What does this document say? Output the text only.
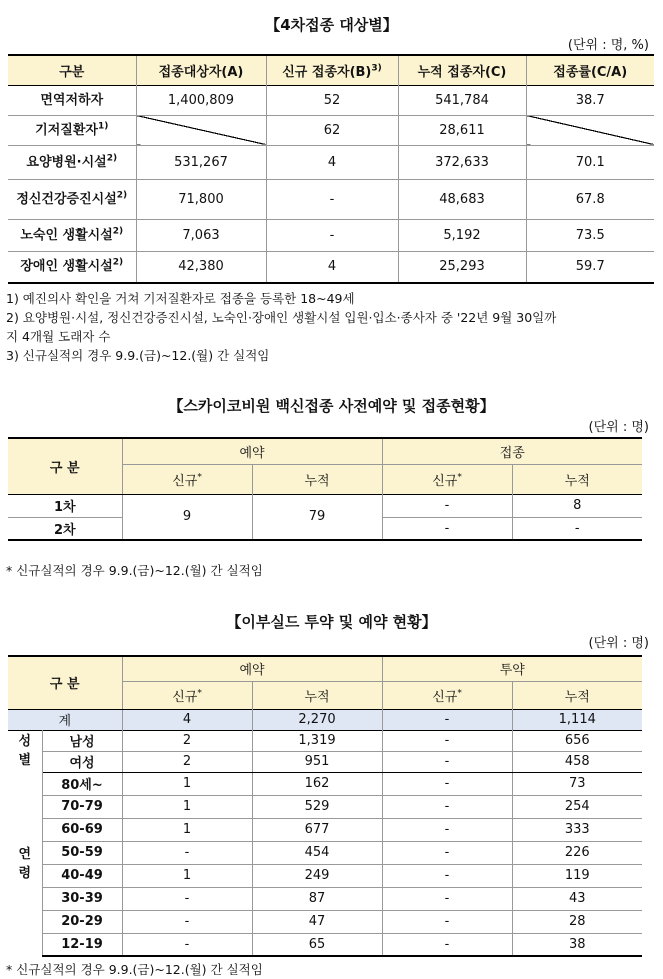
【4차접종 대상별】
(단위 : 명, %)
구분	접종대상자(A)	신규 접종자$(B)^{3)}$	누적 접종자(C)	접종률(C/A)
면역저하자	1,400,809	52	541,784	38.7
기저질환자$^{1)}$		62	28,611	
요양병원·시설$^{2)}$	531,267	4	372,633	70.1
정신건강증진시설$^{2)}$	71,800	-	48,683	67.8
노숙인 생활시설$^{2)}$	7,063	-	5,192	73.5
장애인 생활시설$^{2)}$	42,380	4	25,293	59.7
1) 예진의사 확인을 거쳐 기저질환자로 접종을 등록한 18~49세
2) 요양병원·시설, 정신건강증진시설, 노숙인·장애인 생활시설 입원·입소·종사자 중 '22년 9월 30일까
지 4개월 도래자 수
3) 신규실적의 경우 9.9.(금)~12.(월) 간 실적임
【스카이코비원 백신접종 사전예약 및 접종현황】
(단위 : 명)
구 분	예약		접종	
	신규*	누적	신규*	누적
1차	9	79	-	8
2차			-	-
* 신규실적의 경우 9.9.(금)~12.(월) 간 실적임
【이부실드 투약 및 예약 현황】
(단위 : 명)
구 분		예약		투약	
		신규*	누적	신규*	누적
계		4	2,270	-	1,114
성
별	남성	2	1,319	-	656
	여성	2	951	-	458
연
령	80세~	1	162	-	73
	70-79	1	529	-	254
	60-69	1	677	-	333
	50-59	-	454	-	226
	40-49	1	249	-	119
	30-39	-	87	-	43
	20-29	-	47	-	28
	12-19	-	65	-	38
* 신규실적의 경우 9.9.(금)~12.(월) 간 실적임
